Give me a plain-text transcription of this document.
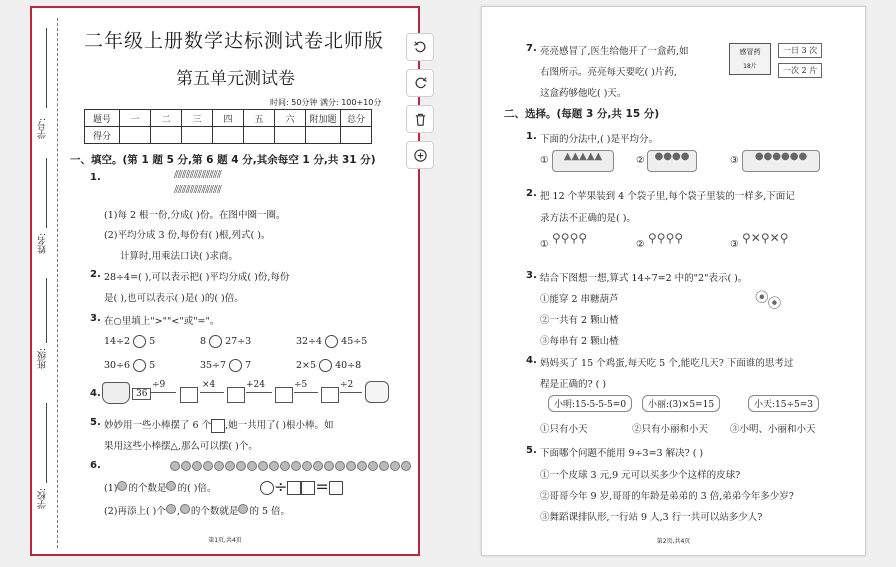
学号:
姓名:
班级:
学校:
二年级上册数学达标测试卷北师版
第五单元测试卷
时间: 50分钟 满分: 100+10分
题号	一	二	三	四	五	六	附加题	总分
得分								
一、填空。(第 1 题 5 分,第 6 题 4 分,其余每空 1 分,共 31 分)
1.	⫽⫽⫽⫽⫽⫽⫽⫽⫽⫽⫽⫽
⫽⫽⫽⫽⫽⫽⫽⫽⫽⫽⫽⫽
(1)每 2 根一份,分成( )份。在图中圈一圈。
(2)平均分成 3 份,每份有( )根,列式( )。
计算时,用乘法口诀( )求商。
2. 28÷4=( ),可以表示把( )平均分成( )份,每份
是( ),也可以表示( )是( )的( )倍。
3. 在○里填上">""<"或"="。
14÷2 5	8 27÷3	32÷4 45÷5
30÷6 5	35÷7 7	2×5 40÷8
4.	36
÷9	×4	+24	÷5	÷2
5. 妙妙用一些小棒摆了 6 个 ,她一共用了( )根小棒。如
果用这些小棒摆△,那么可以摆( )个。
6.
(1) 的个数是 的( )倍。	÷ =
(2)再添上( )个 , 的个数就是 的 5 倍。
第1页,共4页
7. 亮亮感冒了,医生给他开了一盒药,如
右图所示。亮亮每天要吃( )片药,
这盒药够他吃( )天。
感冒药
18片
一日 3 次
一次 2 片
二、选择。(每题 3 分,共 15 分)
1. 下面的分法中,( )是平均分。
①	▲▲▲▲▲	②	●●●●	③	●●●●●●
2. 把 12 个苹果装到 4 个袋子里,每个袋子里装的一样多,下面记
录方法不正确的是( )。
① ⚲⚲⚲⚲	② ⚲⚲⚲⚲	③ ⚲✕⚲✕⚲
3. 结合下图想一想,算式 14÷7=2 中的"2"表示( )。
①能穿 2 串糖葫芦
②一共有 2 颗山楂
③每串有 2 颗山楂
⦿⦿
4. 妈妈买了 15 个鸡蛋,每天吃 5 个,能吃几天? 下面谁的思考过
程是正确的? ( )
小明:15-5-5-5=0	小丽:(3)×5=15	小天:15÷5=3
①只有小天	②只有小丽和小天 ③小明、小丽和小天
5. 下面哪个问题不能用 9÷3=3 解决? ( )
①一个皮球 3 元,9 元可以买多少个这样的皮球?
②哥哥今年 9 岁,哥哥的年龄是弟弟的 3 倍,弟弟今年多少岁?
③舞蹈课排队形,一行站 9 人,3 行一共可以站多少人?
第2页,共4页
